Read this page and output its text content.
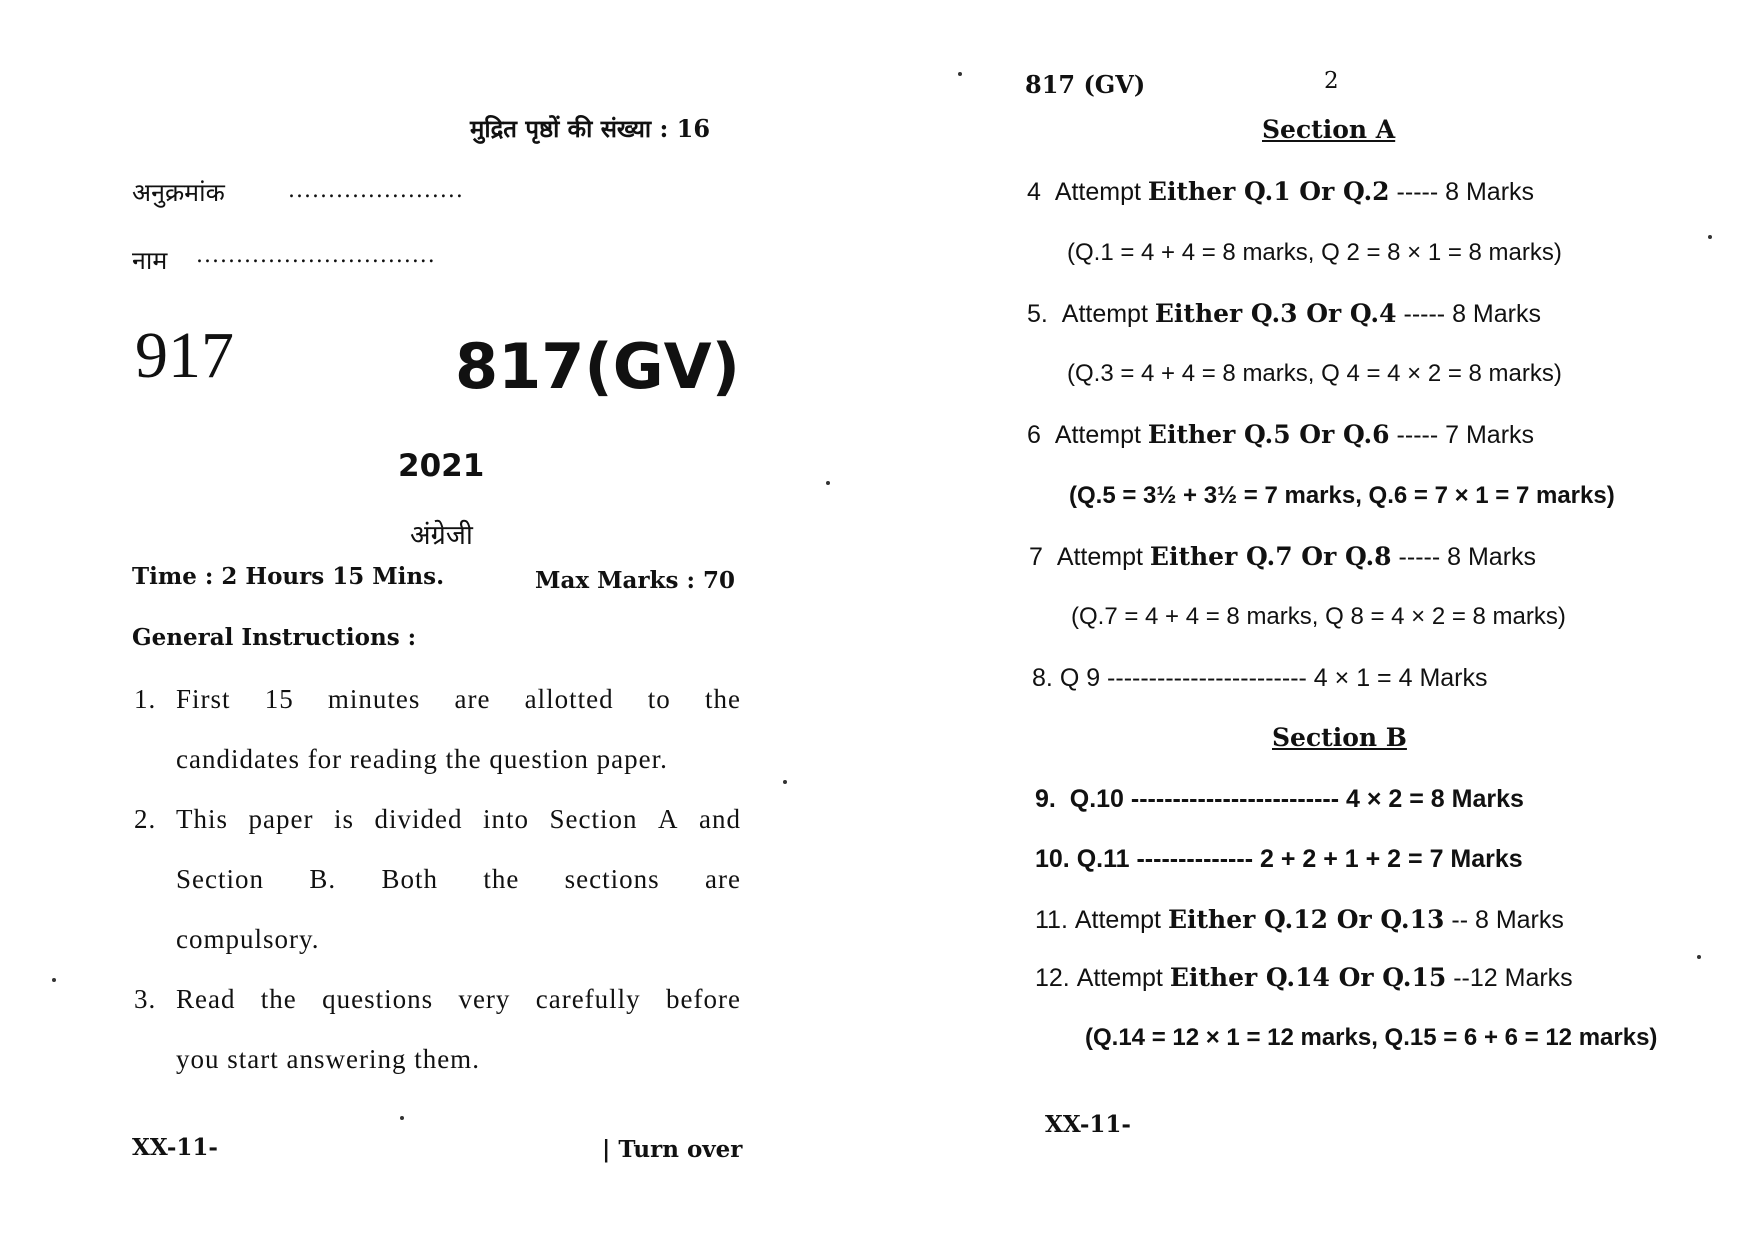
मुद्रित पृष्ठों की संख्या : 16
अनुक्रमांक	......................
नाम ..............................
917	817(GV)
2021
अंग्रेजी
Time : 2 Hours 15 Mins.	Max Marks : 70
General Instructions :
1. First 15 minutes are allotted to the
candidates for reading the question paper.
2. This paper is divided into Section A and
Section B. Both the sections are
compulsory.
3. Read the questions very carefully before
you start answering them.
XX-11-	| Turn over
817 (GV)	2
Section A
4 Attempt Either Q.1 Or Q.2 ----- 8 Marks
(Q.1 = 4 + 4 = 8 marks, Q 2 = 8 × 1 = 8 marks)
5. Attempt Either Q.3 Or Q.4 ----- 8 Marks
(Q.3 = 4 + 4 = 8 marks, Q 4 = 4 × 2 = 8 marks)
6 Attempt Either Q.5 Or Q.6 ----- 7 Marks
(Q.5 = 3½ + 3½ = 7 marks, Q.6 = 7 × 1 = 7 marks)
7 Attempt Either Q.7 Or Q.8 ----- 8 Marks
(Q.7 = 4 + 4 = 8 marks, Q 8 = 4 × 2 = 8 marks)
8. Q 9 ------------------------ 4 × 1 = 4 Marks
Section B
9. Q.10 ------------------------- 4 × 2 = 8 Marks
10. Q.11 -------------- 2 + 2 + 1 + 2 = 7 Marks
11. Attempt Either Q.12 Or Q.13 -- 8 Marks
12. Attempt Either Q.14 Or Q.15 --12 Marks
(Q.14 = 12 × 1 = 12 marks, Q.15 = 6 + 6 = 12 marks)
XX-11-
